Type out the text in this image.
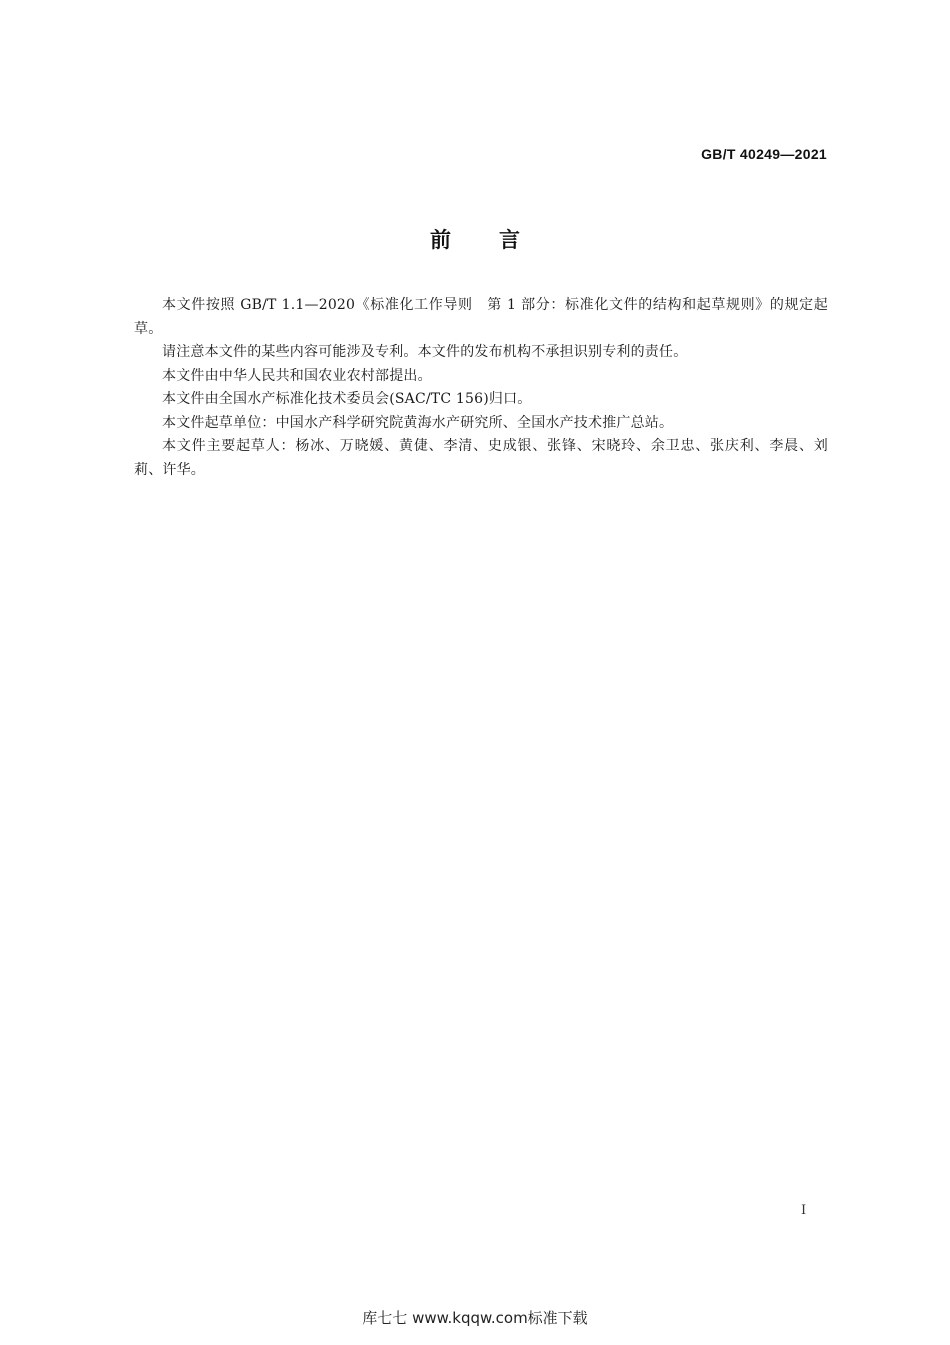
GB/T 40249—2021
前 言

本文件按照 GB/T 1.1—2020《标准化工作导则　第 1 部分：标准化文件的结构和起草规则》的规定起草。

请注意本文件的某些内容可能涉及专利。本文件的发布机构不承担识别专利的责任。

本文件由中华人民共和国农业农村部提出。

本文件由全国水产标准化技术委员会(SAC/TC 156)归口。

本文件起草单位：中国水产科学研究院黄海水产研究所、全国水产技术推广总站。

本文件主要起草人：杨冰、万晓媛、黄倢、李清、史成银、张锋、宋晓玲、余卫忠、张庆利、李晨、刘莉、许华。

I
库七七 www.kqqw.com标准下载
